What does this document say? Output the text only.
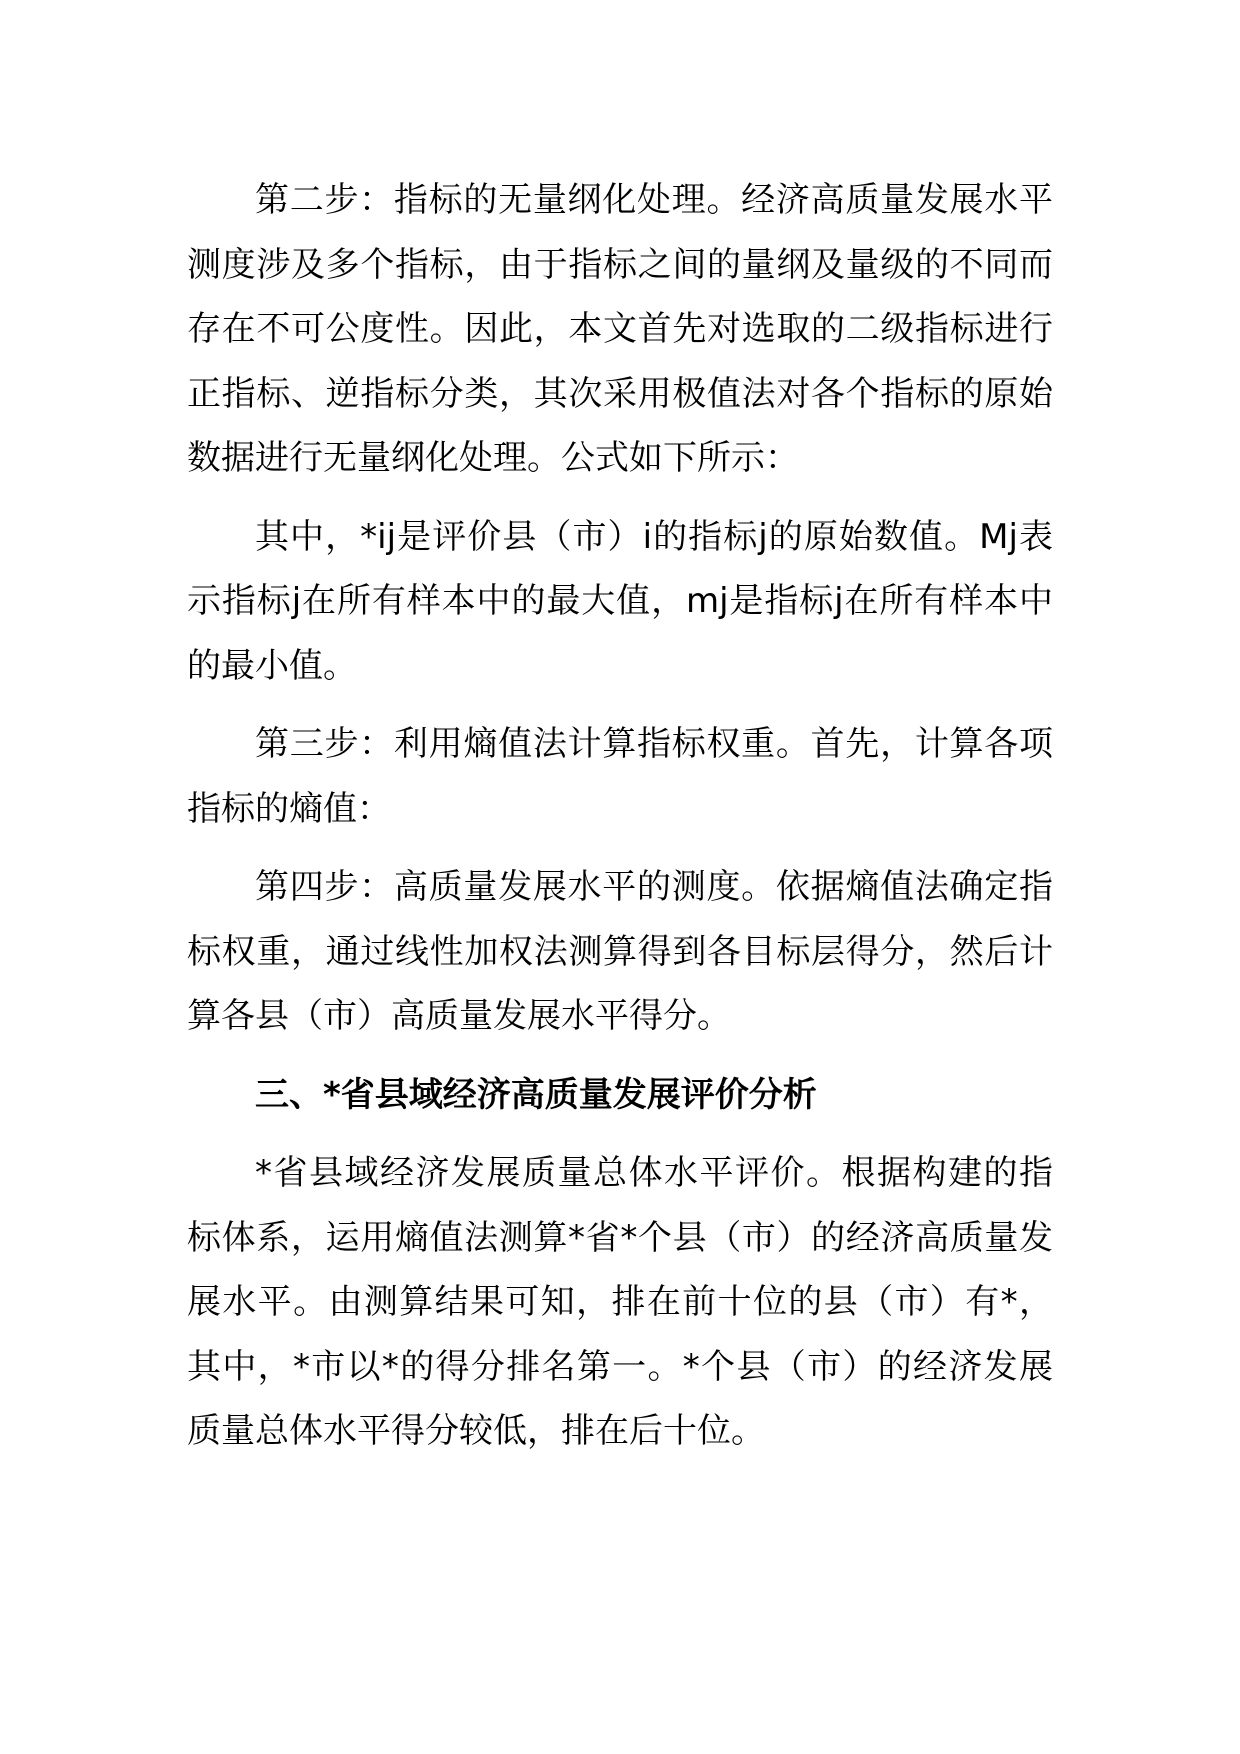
第二步：指标的无量纲化处理。经济高质量发展水平测度涉及多个指标，由于指标之间的量纲及量级的不同而存在不可公度性。因此，本文首先对选取的二级指标进行正指标、逆指标分类，其次采用极值法对各个指标的原始数据进行无量纲化处理。公式如下所示：

其中，*ij是评价县（市）i的指标j的原始数值。Mj表示指标j在所有样本中的最大值，mj是指标j在所有样本中的最小值。

第三步：利用熵值法计算指标权重。首先，计算各项指标的熵值：

第四步：高质量发展水平的测度。依据熵值法确定指标权重，通过线性加权法测算得到各目标层得分，然后计算各县（市）高质量发展水平得分。

三、*省县域经济高质量发展评价分析

*省县域经济发展质量总体水平评价。根据构建的指标体系，运用熵值法测算*省*个县（市）的经济高质量发展水平。由测算结果可知，排在前十位的县（市）有*，其中，*市以*的得分排名第一。*个县（市）的经济发展质量总体水平得分较低，排在后十位。
